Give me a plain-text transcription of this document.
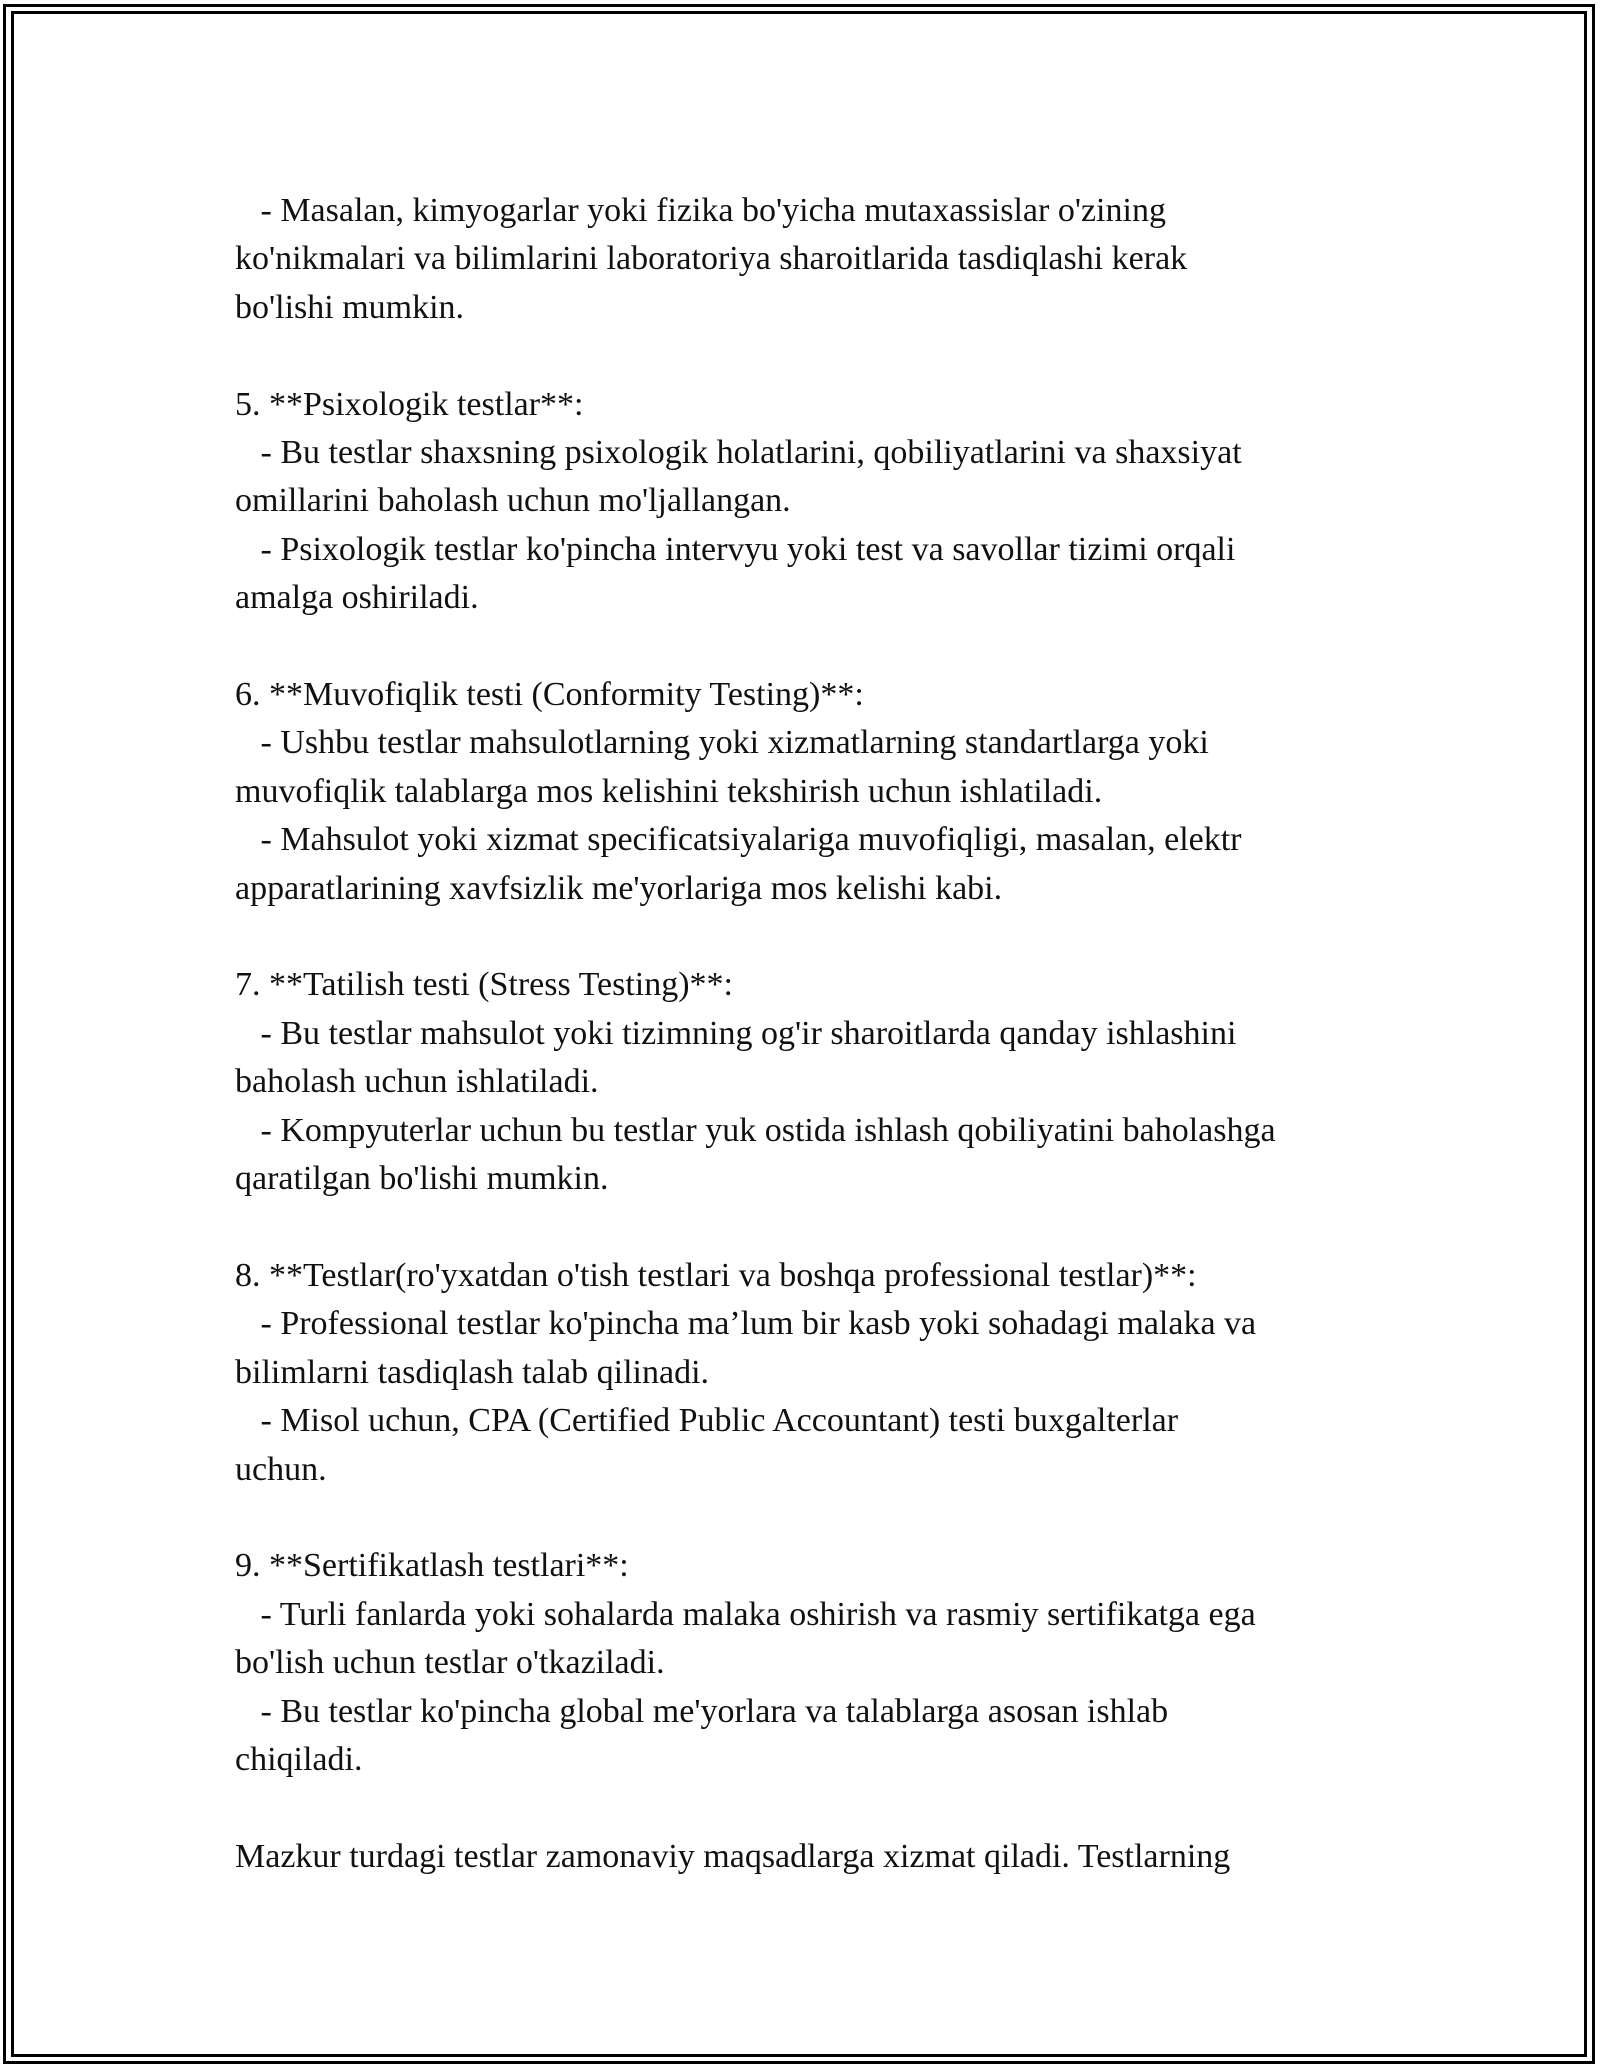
- Masalan, kimyogarlar yoki fizika bo'yicha mutaxassislar o'zining
ko'nikmalari va bilimlarini laboratoriya sharoitlarida tasdiqlashi kerak
bo'lishi mumkin.
5. **Psixologik testlar**:
- Bu testlar shaxsning psixologik holatlarini, qobiliyatlarini va shaxsiyat
omillarini baholash uchun mo'ljallangan.
- Psixologik testlar ko'pincha intervyu yoki test va savollar tizimi orqali
amalga oshiriladi.
6. **Muvofiqlik testi (Conformity Testing)**:
- Ushbu testlar mahsulotlarning yoki xizmatlarning standartlarga yoki
muvofiqlik talablarga mos kelishini tekshirish uchun ishlatiladi.
- Mahsulot yoki xizmat specificatsiyalariga muvofiqligi, masalan, elektr
apparatlarining xavfsizlik me'yorlariga mos kelishi kabi.
7. **Tatilish testi (Stress Testing)**:
- Bu testlar mahsulot yoki tizimning og'ir sharoitlarda qanday ishlashini
baholash uchun ishlatiladi.
- Kompyuterlar uchun bu testlar yuk ostida ishlash qobiliyatini baholashga
qaratilgan bo'lishi mumkin.
8. **Testlar(ro'yxatdan o'tish testlari va boshqa professional testlar)**:
- Professional testlar ko'pincha ma’lum bir kasb yoki sohadagi malaka va
bilimlarni tasdiqlash talab qilinadi.
- Misol uchun, CPA (Certified Public Accountant) testi buxgalterlar
uchun.
9. **Sertifikatlash testlari**:
- Turli fanlarda yoki sohalarda malaka oshirish va rasmiy sertifikatga ega
bo'lish uchun testlar o'tkaziladi.
- Bu testlar ko'pincha global me'yorlara va talablarga asosan ishlab
chiqiladi.
Mazkur turdagi testlar zamonaviy maqsadlarga xizmat qiladi. Testlarning
